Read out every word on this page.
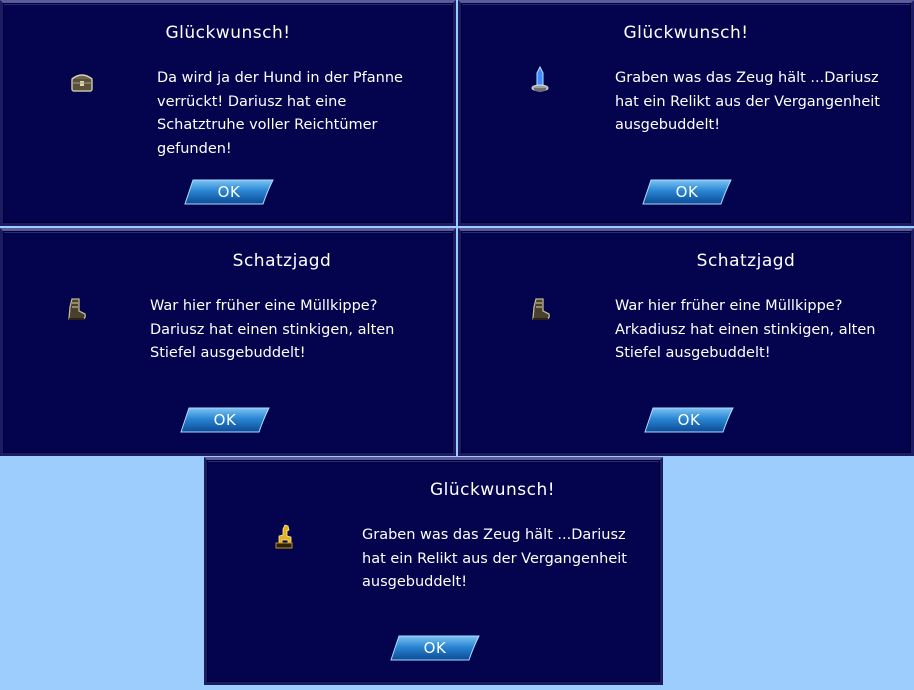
Glückwunsch!
Da wird ja der Hund in der Pfanne
verrückt! Dariusz hat eine
Schatztruhe voller Reichtümer
gefunden!
OK
Glückwunsch!
Graben was das Zeug hält ...Dariusz
hat ein Relikt aus der Vergangenheit
ausgebuddelt!
OK
Schatzjagd
War hier früher eine Müllkippe?
Dariusz hat einen stinkigen, alten
Stiefel ausgebuddelt!
OK
Schatzjagd
War hier früher eine Müllkippe?
Arkadiusz hat einen stinkigen, alten
Stiefel ausgebuddelt!
OK
Glückwunsch!
Graben was das Zeug hält ...Dariusz
hat ein Relikt aus der Vergangenheit
ausgebuddelt!
OK
